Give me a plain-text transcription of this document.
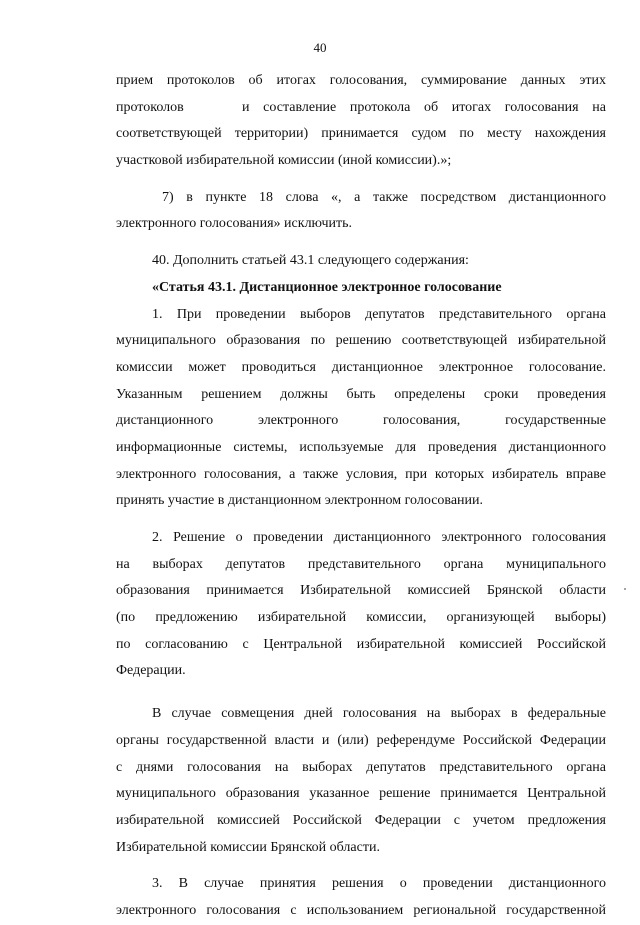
40
прием протоколов об итогах голосования, суммирование данных этих
протоколов	и составление протокола об итогах голосования на
соответствующей территории) принимается судом по месту нахождения
участковой избирательной комиссии (иной комиссии).»;
7) в пункте 18 слова «, а также посредством дистанционного
электронного голосования» исключить.
40. Дополнить статьей 43.1 следующего содержания:
«Статья 43.1. Дистанционное электронное голосование
1. При проведении выборов депутатов представительного органа
муниципального образования по решению соответствующей избирательной
комиссии может проводиться дистанционное электронное голосование.
Указанным решением должны быть определены сроки проведения
дистанционного электронного голосования, государственные
информационные системы, используемые для проведения дистанционного
электронного голосования, а также условия, при которых избиратель вправе
принять участие в дистанционном электронном голосовании.
2. Решение о проведении дистанционного электронного голосования
на выборах депутатов представительного органа муниципального
образования принимается Избирательной комиссией Брянской области
(по предложению избирательной комиссии, организующей выборы)
по согласованию с Центральной избирательной комиссией Российской
Федерации.
В случае совмещения дней голосования на выборах в федеральные
органы государственной власти и (или) референдуме Российской Федерации
с днями голосования на выборах депутатов представительного органа
муниципального образования указанное решение принимается Центральной
избирательной комиссией Российской Федерации с учетом предложения
Избирательной комиссии Брянской области.
3. В случае принятия решения о проведении дистанционного
электронного голосования с использованием региональной государственной
